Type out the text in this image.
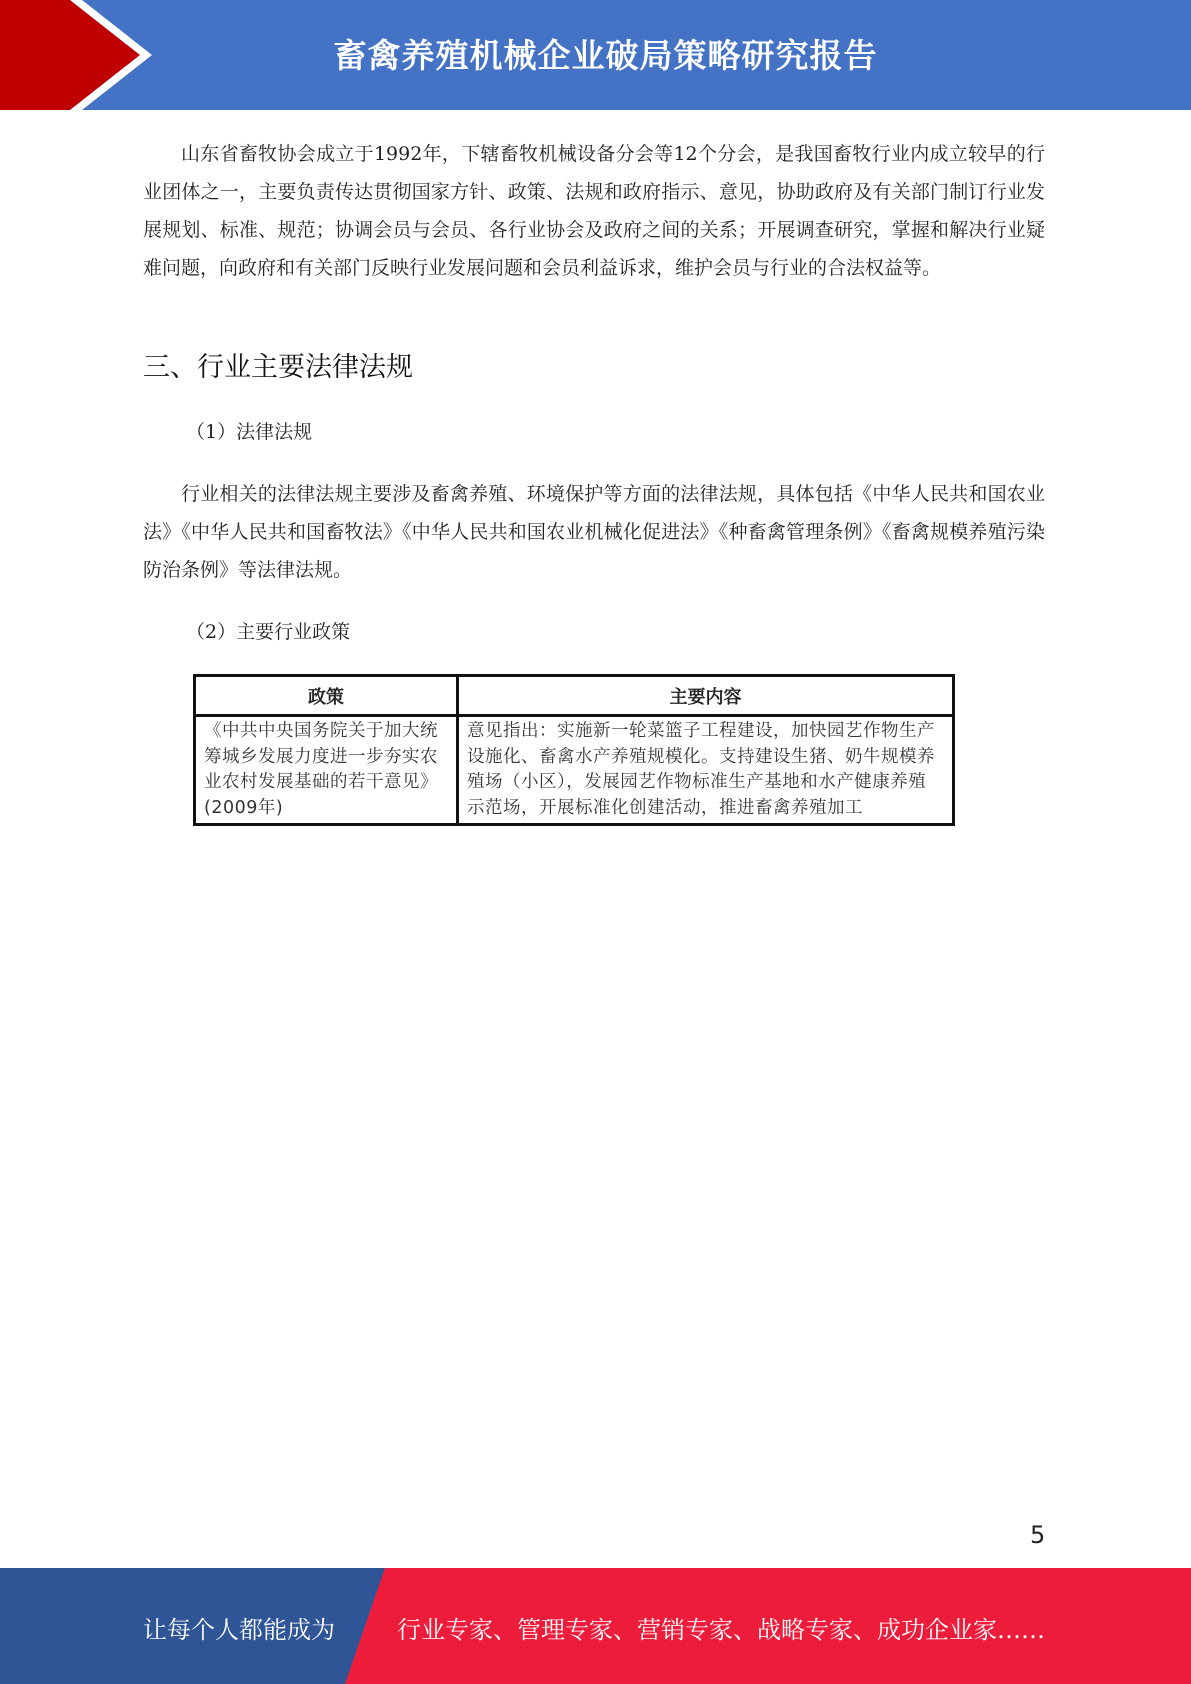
畜禽养殖机械企业破局策略研究报告

山东省畜牧协会成立于1992年，下辖畜牧机械设备分会等12个分会，是我国畜牧行业内成立较早的行业团体之一，主要负责传达贯彻国家方针、政策、法规和政府指示、意见，协助政府及有关部门制订行业发展规划、标准、规范；协调会员与会员、各行业协会及政府之间的关系；开展调查研究，掌握和解决行业疑难问题，向政府和有关部门反映行业发展问题和会员利益诉求，维护会员与行业的合法权益等。

三、行业主要法律法规
（1）法律法规

行业相关的法律法规主要涉及畜禽养殖、环境保护等方面的法律法规，具体包括《中华人民共和国农业法》《中华人民共和国畜牧法》《中华人民共和国农业机械化促进法》《种畜禽管理条例》《畜禽规模养殖污染防治条例》等法律法规。

（2）主要行业政策
政策	主要内容
《中共中央国务院关于加大统筹城乡发展力度进一步夯实农业农村发展基础的若干意见》(2009年)	意见指出：实施新一轮菜篮子工程建设，加快园艺作物生产设施化、畜禽水产养殖规模化。支持建设生猪、奶牛规模养殖场（小区），发展园艺作物标准生产基地和水产健康养殖示范场，开展标准化创建活动，推进畜禽养殖加工
5
让每个人都能成为	行业专家、管理专家、营销专家、战略专家、成功企业家……
